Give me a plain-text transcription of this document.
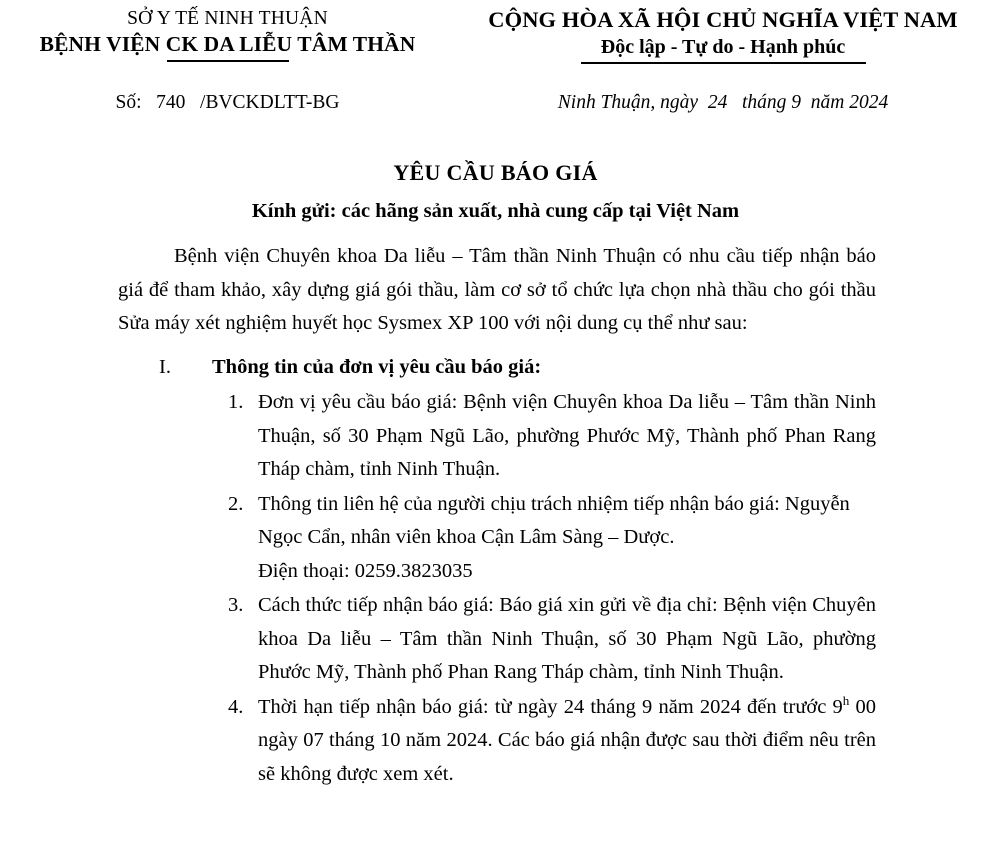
SỞ Y TẾ NINH THUẬN
BỆNH VIỆN CK DA LIỄU TÂM THẦN
CỘNG HÒA XÃ HỘI CHỦ NGHĨA VIỆT NAM
Độc lập - Tự do - Hạnh phúc
Số:   740   /BVCKDLTT-BG	Ninh Thuận, ngày  24   tháng 9  năm 2024
YÊU CẦU BÁO GIÁ
Kính gửi: các hãng sản xuất, nhà cung cấp tại Việt Nam

Bệnh viện Chuyên khoa Da liễu – Tâm thần Ninh Thuận có nhu cầu tiếp nhận báo giá để tham khảo, xây dựng giá gói thầu, làm cơ sở tổ chức lựa chọn nhà thầu cho gói thầu Sửa máy xét nghiệm huyết học Sysmex XP 100 với nội dung cụ thể như sau:

I.	Thông tin của đơn vị yêu cầu báo giá:
1. Đơn vị yêu cầu báo giá: Bệnh viện Chuyên khoa Da liễu – Tâm thần Ninh Thuận, số 30 Phạm Ngũ Lão, phường Phước Mỹ, Thành phố Phan Rang Tháp chàm, tỉnh Ninh Thuận.
2. Thông tin liên hệ của người chịu trách nhiệm tiếp nhận báo giá: Nguyễn Ngọc Cẩn, nhân viên khoa Cận Lâm Sàng – Dược.
Điện thoại: 0259.3823035
3. Cách thức tiếp nhận báo giá: Báo giá xin gửi về địa chỉ: Bệnh viện Chuyên khoa Da liễu – Tâm thần Ninh Thuận, số 30 Phạm Ngũ Lão, phường Phước Mỹ, Thành phố Phan Rang Tháp chàm, tỉnh Ninh Thuận.
4. Thời hạn tiếp nhận báo giá: từ ngày 24 tháng 9 năm 2024 đến trước 9$^h$ 00 ngày 07 tháng 10 năm 2024. Các báo giá nhận được sau thời điểm nêu trên sẽ không được xem xét.
